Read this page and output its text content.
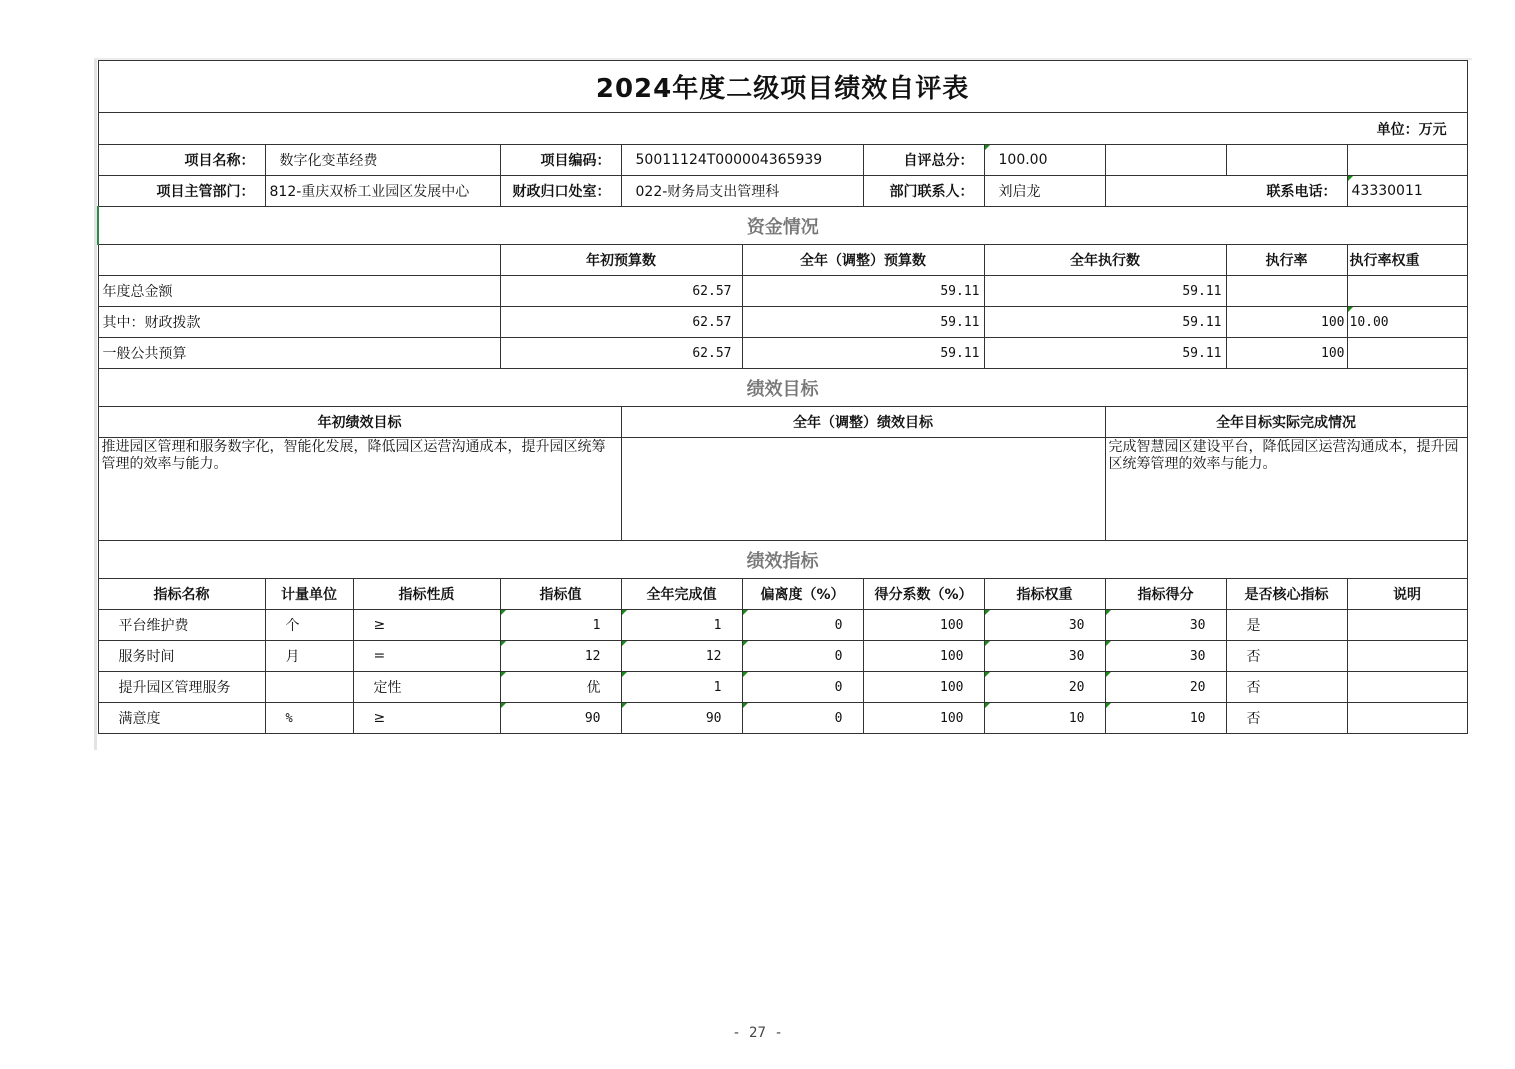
2024年度二级项目绩效自评表											
单位：万元											
项目名称：	数字化变革经费		项目编码：	50011124T000004365939		自评总分：	100.00				
项目主管部门：	812-重庆双桥工业园区发展中心		财政归口处室：	022-财务局支出管理科		部门联系人：	刘启龙	联系电话：		43330011	
资金情况											
			年初预算数		全年（调整）预算数		全年执行数		执行率	执行率权重	
年度总金额			62.57		59.11		59.11				
其中：财政拨款			62.57		59.11		59.11		100	10.00	
一般公共预算			62.57		59.11		59.11		100		
绩效目标											
年初绩效目标				全年（调整）绩效目标				全年目标实际完成情况			
推进园区管理和服务数字化，智能化发展，降低园区运营沟通成本，提升园区统筹管理的效率与能力。								完成智慧园区建设平台，降低园区运营沟通成本，提升园区统筹管理的效率与能力。			
绩效指标											
指标名称	计量单位	指标性质	指标值	全年完成值	偏离度（%）	得分系数（%）	指标权重	指标得分	是否核心指标	说明	
平台维护费	个	≥	1	1	0	100	30	30	是		
服务时间	月	=	12	12	0	100	30	30	否		
提升园区管理服务		定性	优	1	0	100	20	20	否		
满意度	%	≥	90	90	0	100	10	10	否		
- 27 -
